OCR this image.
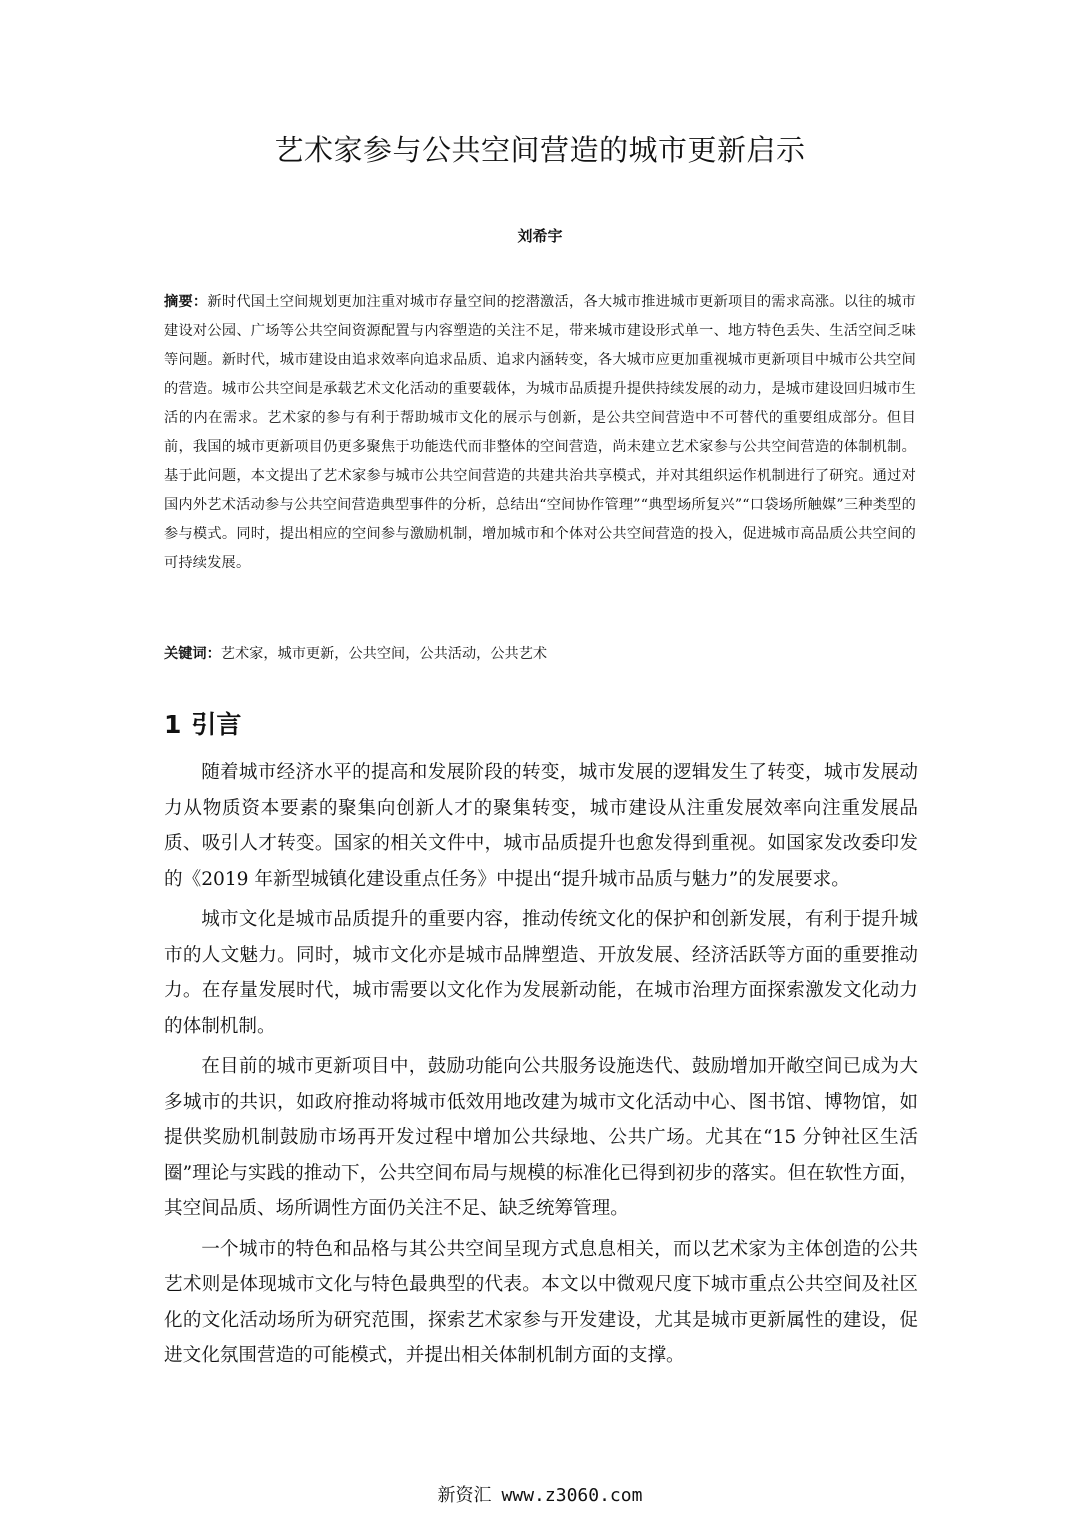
艺术家参与公共空间营造的城市更新启示
刘希宇
摘要：新时代国土空间规划更加注重对城市存量空间的挖潜激活，各大城市推进城市更新项目的需求高涨。以往的城市建设对公园、广场等公共空间资源配置与内容塑造的关注不足，带来城市建设形式单一、地方特色丢失、生活空间乏味等问题。新时代，城市建设由追求效率向追求品质、追求内涵转变，各大城市应更加重视城市更新项目中城市公共空间的营造。城市公共空间是承载艺术文化活动的重要载体，为城市品质提升提供持续发展的动力，是城市建设回归城市生活的内在需求。艺术家的参与有利于帮助城市文化的展示与创新，是公共空间营造中不可替代的重要组成部分。但目前，我国的城市更新项目仍更多聚焦于功能迭代而非整体的空间营造，尚未建立艺术家参与公共空间营造的体制机制。基于此问题，本文提出了艺术家参与城市公共空间营造的共建共治共享模式，并对其组织运作机制进行了研究。通过对国内外艺术活动参与公共空间营造典型事件的分析，总结出“空间协作管理”“典型场所复兴”“口袋场所触媒”三种类型的参与模式。同时，提出相应的空间参与激励机制，增加城市和个体对公共空间营造的投入，促进城市高品质公共空间的可持续发展。
关键词：艺术家，城市更新，公共空间，公共活动，公共艺术
1 引言

随着城市经济水平的提高和发展阶段的转变，城市发展的逻辑发生了转变，城市发展动力从物质资本要素的聚集向创新人才的聚集转变，城市建设从注重发展效率向注重发展品质、吸引人才转变。国家的相关文件中，城市品质提升也愈发得到重视。如国家发改委印发的《2019 年新型城镇化建设重点任务》中提出“提升城市品质与魅力”的发展要求。

城市文化是城市品质提升的重要内容，推动传统文化的保护和创新发展，有利于提升城市的人文魅力。同时，城市文化亦是城市品牌塑造、开放发展、经济活跃等方面的重要推动力。在存量发展时代，城市需要以文化作为发展新动能，在城市治理方面探索激发文化动力的体制机制。

在目前的城市更新项目中，鼓励功能向公共服务设施迭代、鼓励增加开敞空间已成为大多城市的共识，如政府推动将城市低效用地改建为城市文化活动中心、图书馆、博物馆，如提供奖励机制鼓励市场再开发过程中增加公共绿地、公共广场。尤其在“15 分钟社区生活圈”理论与实践的推动下，公共空间布局与规模的标准化已得到初步的落实。但在软性方面，其空间品质、场所调性方面仍关注不足、缺乏统筹管理。

一个城市的特色和品格与其公共空间呈现方式息息相关，而以艺术家为主体创造的公共艺术则是体现城市文化与特色最典型的代表。本文以中微观尺度下城市重点公共空间及社区化的文化活动场所为研究范围，探索艺术家参与开发建设，尤其是城市更新属性的建设，促进文化氛围营造的可能模式，并提出相关体制机制方面的支撑。

新资汇 www.z3060.com
